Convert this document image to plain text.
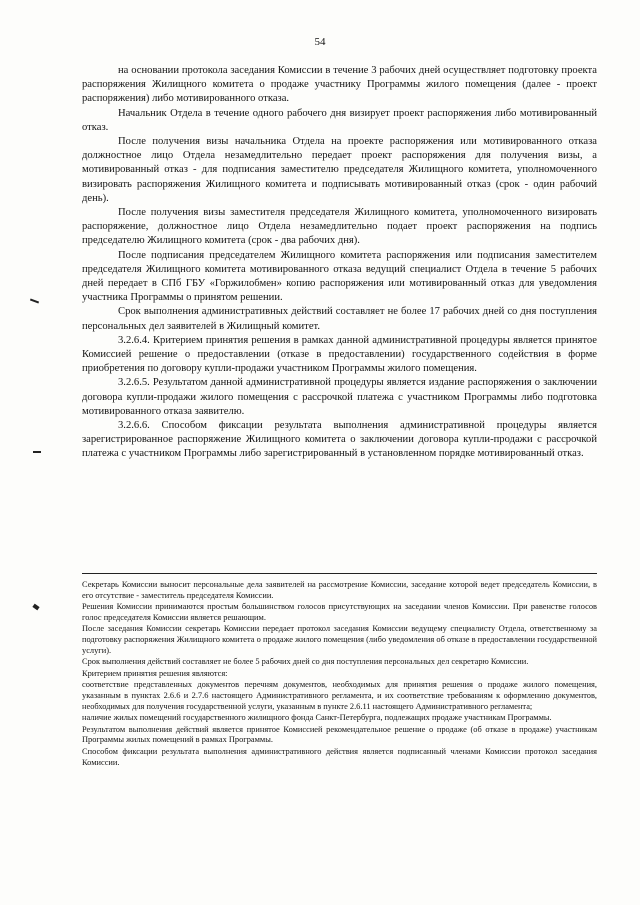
54

на основании протокола заседания Комиссии в течение 3 рабочих дней осуществляет подготовку проекта распоряжения Жилищного комитета о продаже участнику Программы жилого помещения (далее - проект распоряжения) либо мотивированного отказа.

Начальник Отдела в течение одного рабочего дня визирует проект распоряжения либо мотивированный отказ.

После получения визы начальника Отдела на проекте распоряжения или мотивированного отказа должностное лицо Отдела незамедлительно передает проект распоряжения для получения визы, а мотивированный отказ - для подписания заместителю председателя Жилищного комитета, уполномоченного визировать распоряжения Жилищного комитета и подписывать мотивированный отказ (срок - один рабочий день).

После получения визы заместителя председателя Жилищного комитета, уполномоченного визировать распоряжение, должностное лицо Отдела незамедлительно подает проект распоряжения на подпись председателю Жилищного комитета (срок - два рабочих дня).

После подписания председателем Жилищного комитета распоряжения или подписания заместителем председателя Жилищного комитета мотивированного отказа ведущий специалист Отдела в течение 5 рабочих дней передает в СПб ГБУ «Горжилобмен» копию распоряжения или мотивированный отказ для уведомления участника Программы о принятом решении.

Срок выполнения административных действий составляет не более 17 рабочих дней со дня поступления персональных дел заявителей в Жилищный комитет.

3.2.6.4. Критерием принятия решения в рамках данной административной процедуры является принятое Комиссией решение о предоставлении (отказе в предоставлении) государственного содействия в форме приобретения по договору купли-продажи участником Программы жилого помещения.

3.2.6.5. Результатом данной административной процедуры является издание распоряжения о заключении договора купли-продажи жилого помещения с рассрочкой платежа с участником Программы либо подготовка мотивированного отказа заявителю.

3.2.6.6. Способом фиксации результата выполнения административной процедуры является зарегистрированное распоряжение Жилищного комитета о заключении договора купли-продажи с рассрочкой платежа с участником Программы либо зарегистрированный в установленном порядке мотивированный отказ.

Секретарь Комиссии выносит персональные дела заявителей на рассмотрение Комиссии, заседание которой ведет председатель Комиссии, в его отсутствие - заместитель председателя Комиссии.

Решения Комиссии принимаются простым большинством голосов присутствующих на заседании членов Комиссии. При равенстве голосов голос председателя Комиссии является решающим.

После заседания Комиссии секретарь Комиссии передает протокол заседания Комиссии ведущему специалисту Отдела, ответственному за подготовку распоряжения Жилищного комитета о продаже жилого помещения (либо уведомления об отказе в предоставлении государственной услуги).

Срок выполнения действий составляет не более 5 рабочих дней со дня поступления персональных дел секретарю Комиссии.

Критерием принятия решения являются:

соответствие представленных документов перечням документов, необходимых для принятия решения о продаже жилого помещения, указанным в пунктах 2.6.6 и 2.7.6 настоящего Административного регламента, и их соответствие требованиям к оформлению документов, необходимых для получения государственной услуги, указанным в пункте 2.6.11 настоящего Административного регламента;

наличие жилых помещений государственного жилищного фонда Санкт-Петербурга, подлежащих продаже участникам Программы.

Результатом выполнения действий является принятое Комиссией рекомендательное решение о продаже (об отказе в продаже) участникам Программы жилых помещений в рамках Программы.

Способом фиксации результата выполнения административного действия является подписанный членами Комиссии протокол заседания Комиссии.
